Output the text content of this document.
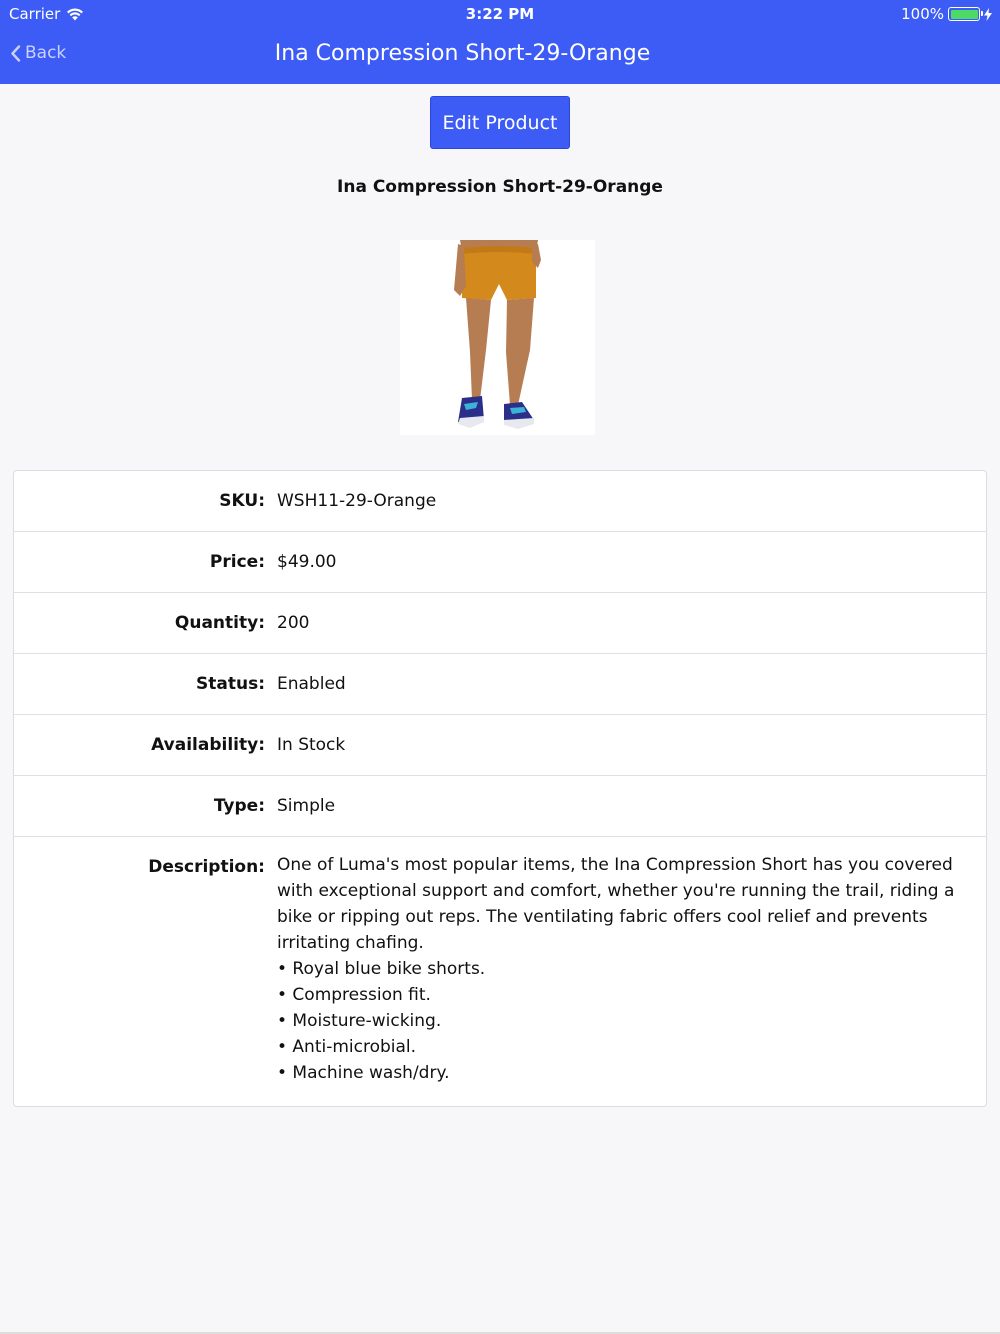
Carrier	3:22 PM	100%
Back	Ina Compression Short-29-Orange
Edit Product
Ina Compression Short-29-Orange
SKU: WSH11-29-Orange
Price: $49.00
Quantity: 200
Status: Enabled
Availability: In Stock
Type: Simple
Description: One of Luma's most popular items, the Ina Compression Short has you covered with exceptional support and comfort, whether you're running the trail, riding a bike or ripping out reps. The ventilating fabric offers cool relief and prevents irritating chafing.
• Royal blue bike shorts.
• Compression fit.
• Moisture-wicking.
• Anti-microbial.
• Machine wash/dry.
